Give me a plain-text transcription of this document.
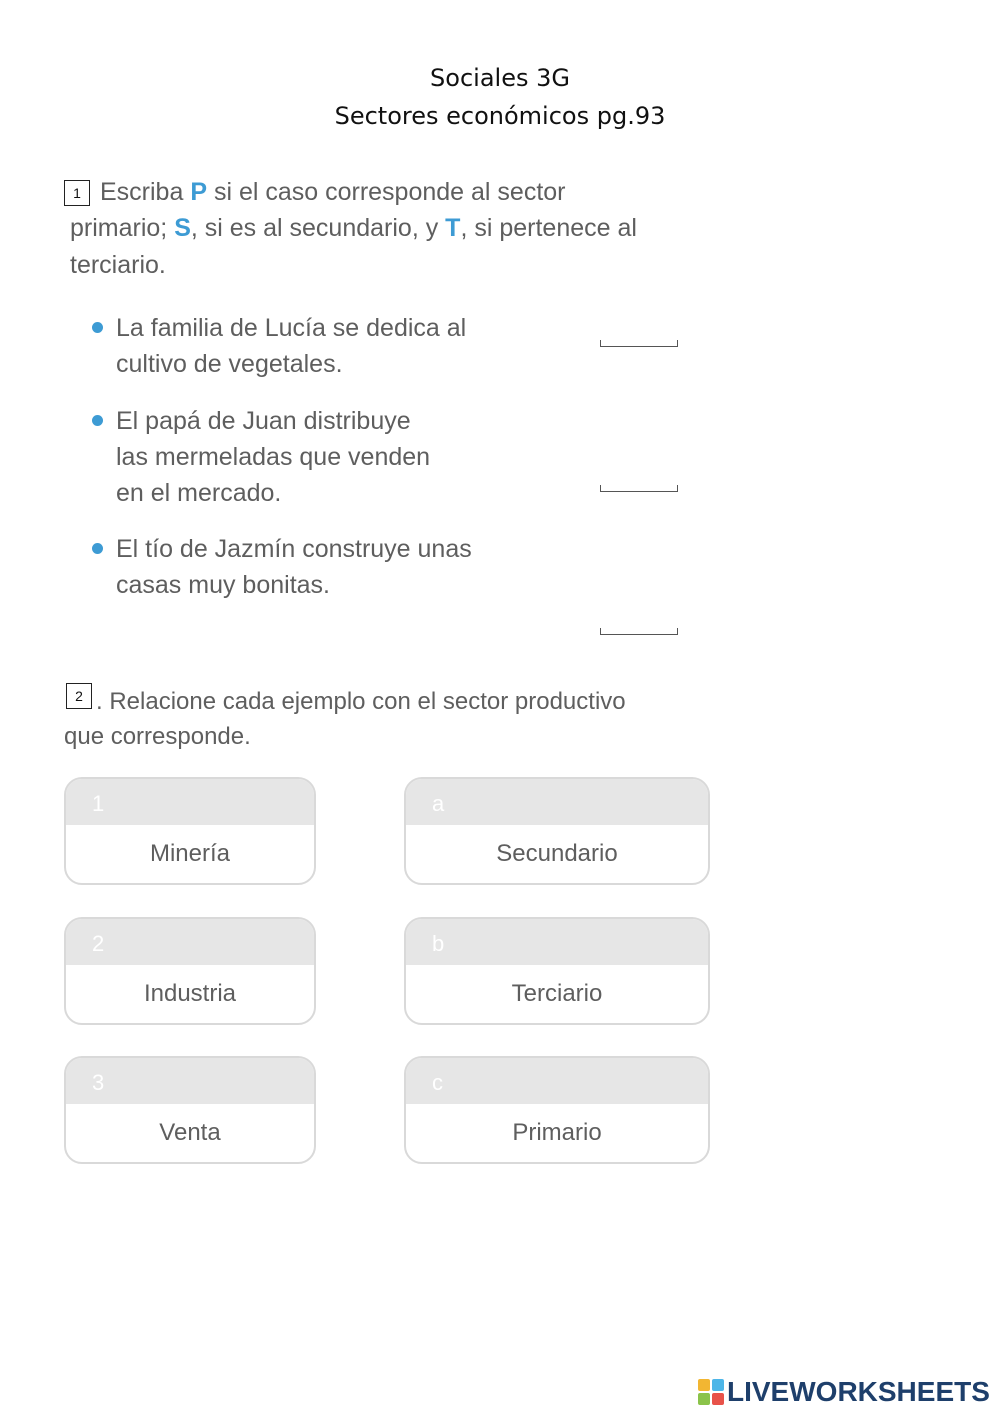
Sociales 3G
Sectores económicos pg.93
1 Escriba P si el caso corresponde al sector
primario; S, si es al secundario, y T, si pertenece al
terciario.
La familia de Lucía se dedica al
cultivo de vegetales.
El papá de Juan distribuye
las mermeladas que venden
en el mercado.
El tío de Jazmín construye unas
casas muy bonitas.
2 . Relacione cada ejemplo con el sector productivo
que corresponde.
1
Minería
2
Industria
3
Venta
a
Secundario
b
Terciario
c
Primario
LIVEWORKSHEETS
